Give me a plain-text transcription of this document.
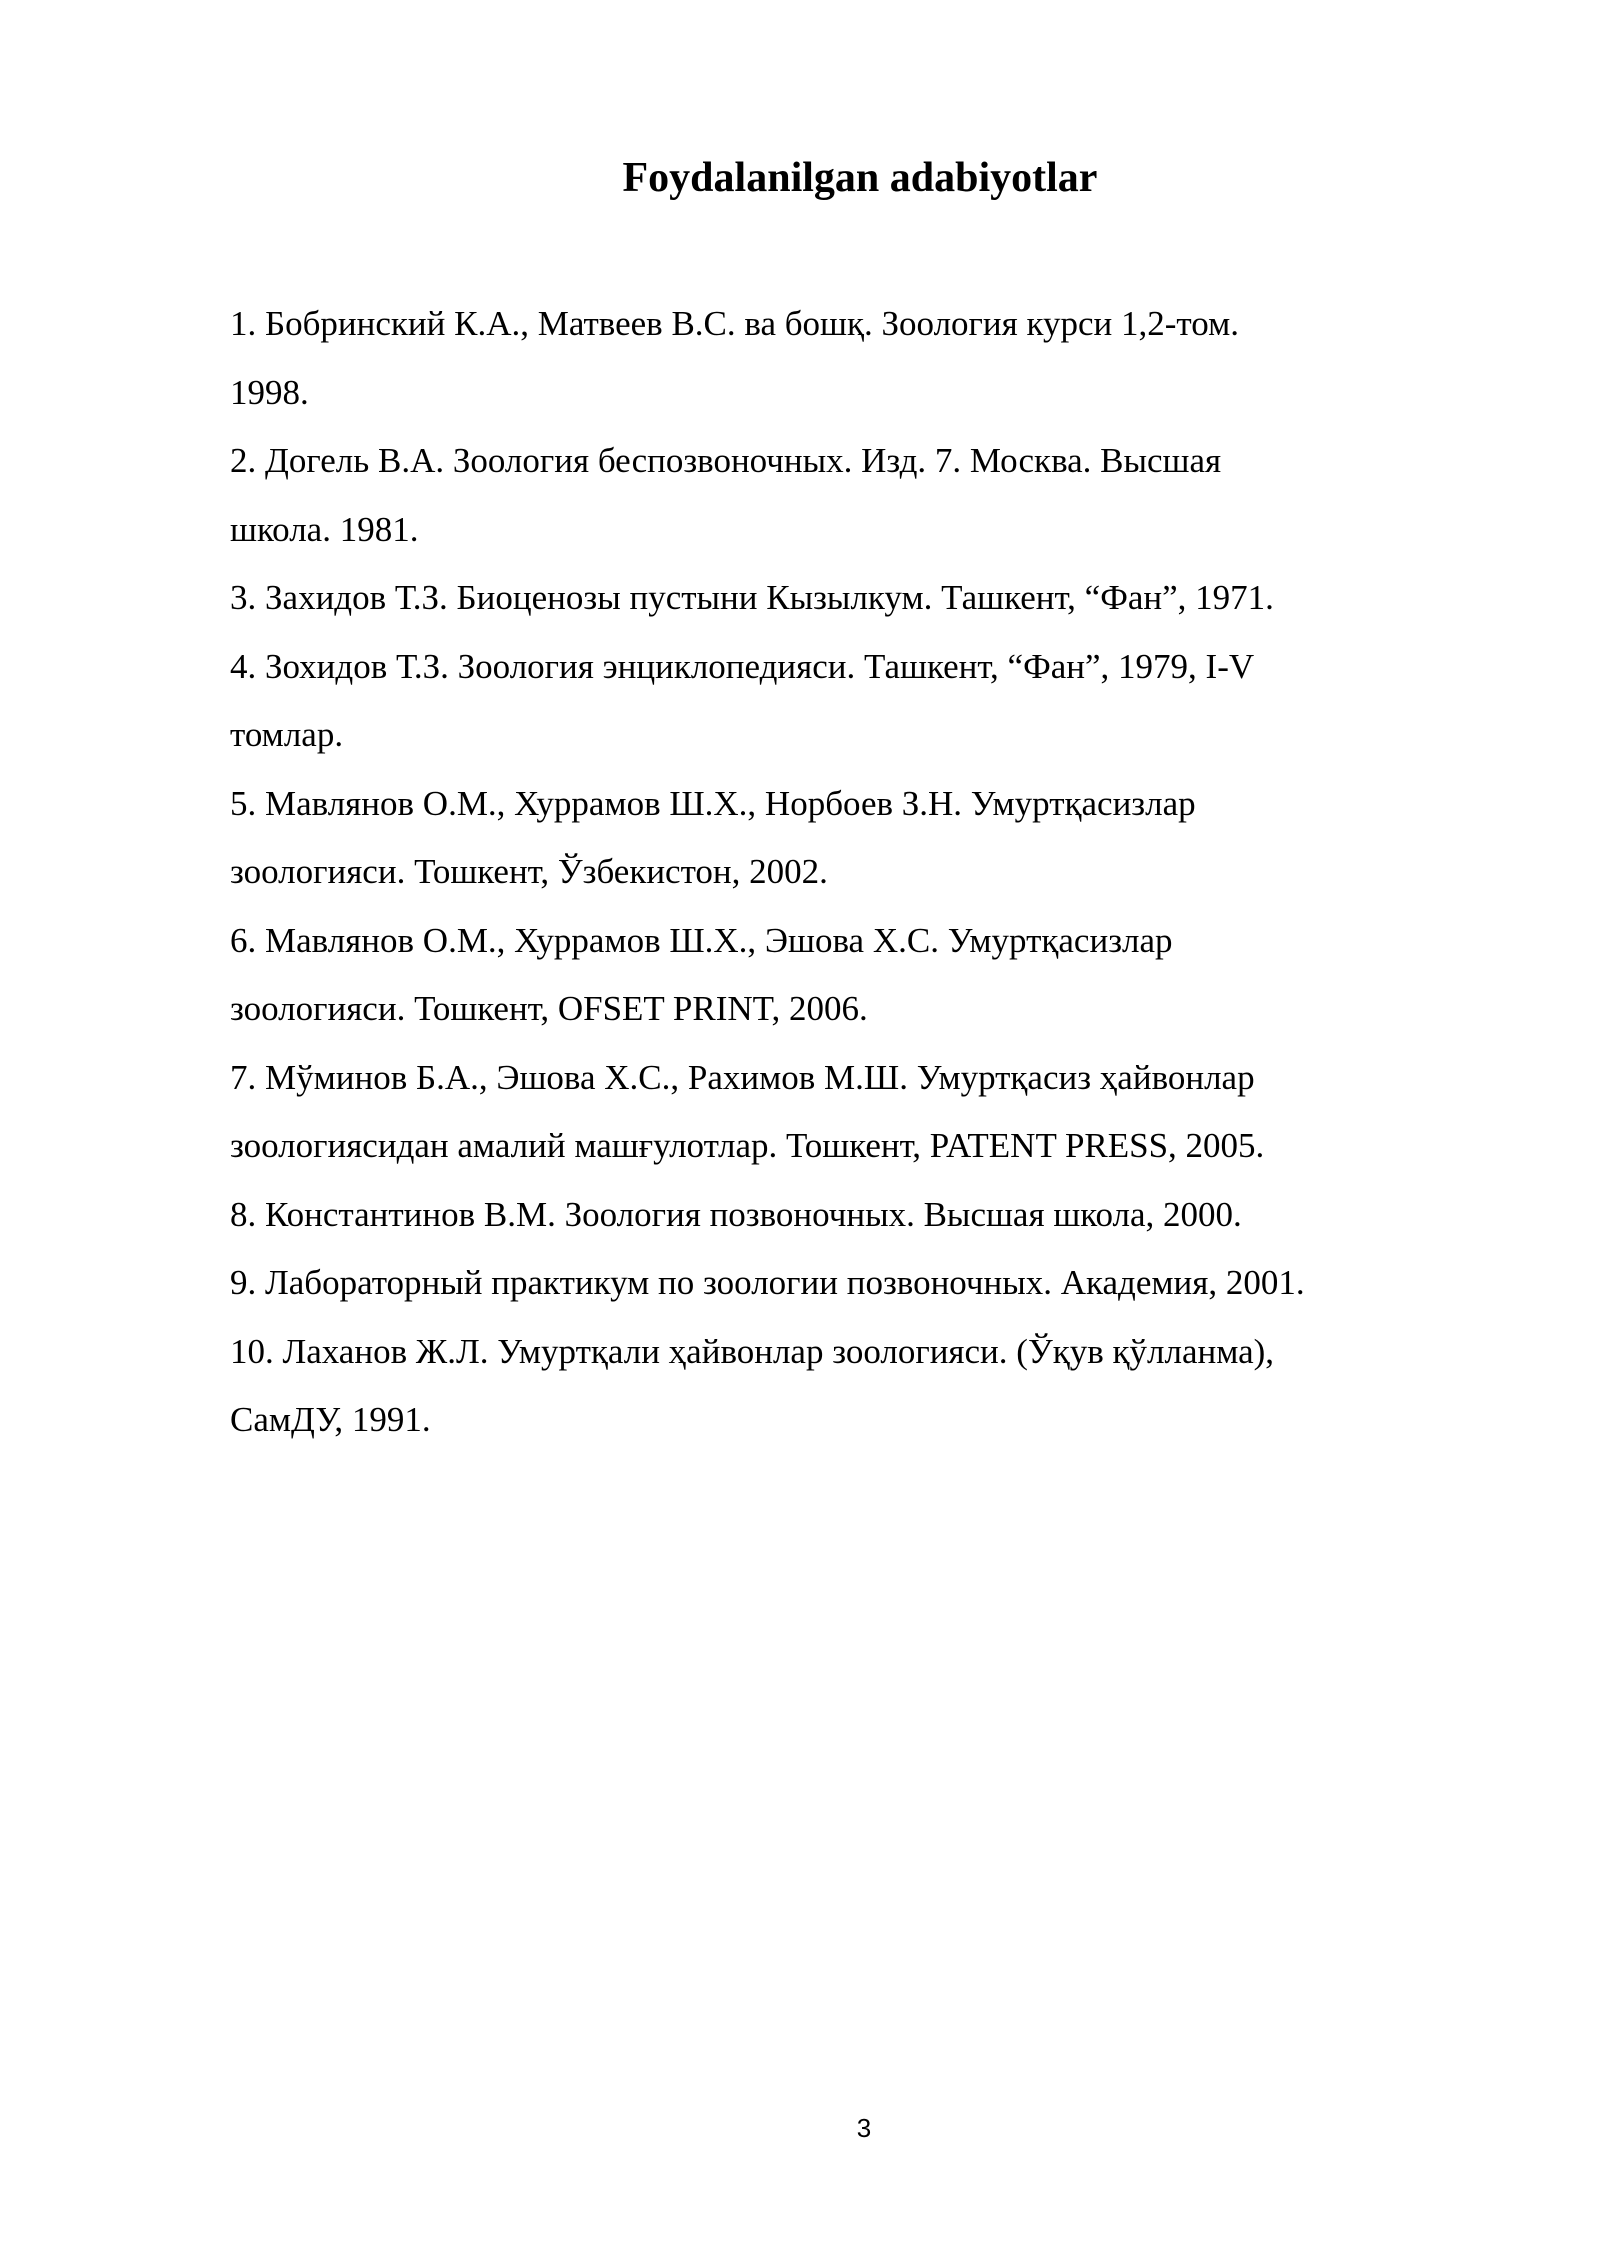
Foydalanilgan adabiyotlar
1. Бобринский К.А., Матвеев В.С. ва бошқ. Зоология курси 1,2-том.
1998.
2. Догель В.А. Зоология беспозвоночных. Изд. 7. Москва. Высшая
школа. 1981.
3. Захидов Т.З. Биоценозы пустыни Кызылкум. Ташкент, “Фан”, 1971.
4. Зохидов Т.З. Зоология энциклопедияси. Ташкент, “Фан”, 1979, I-V
томлар.
5. Мавлянов О.М., Хуррамов Ш.Х., Норбоев З.Н. Умуртқасизлар
зоологияси. Тошкент, Ўзбекистон, 2002.
6. Мавлянов О.М., Хуррамов Ш.Х., Эшова Х.С. Умуртқасизлар
зоологияси. Тошкент, OFSET PRINT, 2006.
7. Мўминов Б.А., Эшова Х.С., Рахимов М.Ш. Умуртқасиз ҳайвонлар
зоологиясидан амалий машғулотлар. Тошкент, PATENT PRESS, 2005.
8. Константинов В.М. Зоология позвоночных. Высшая школа, 2000.
9. Лабораторный практикум по зоологии позвоночных. Академия, 2001.
10. Лаханов Ж.Л. Умуртқали ҳайвонлар зоологияси. (Ўқув қўлланма),
СамДУ, 1991.
3
